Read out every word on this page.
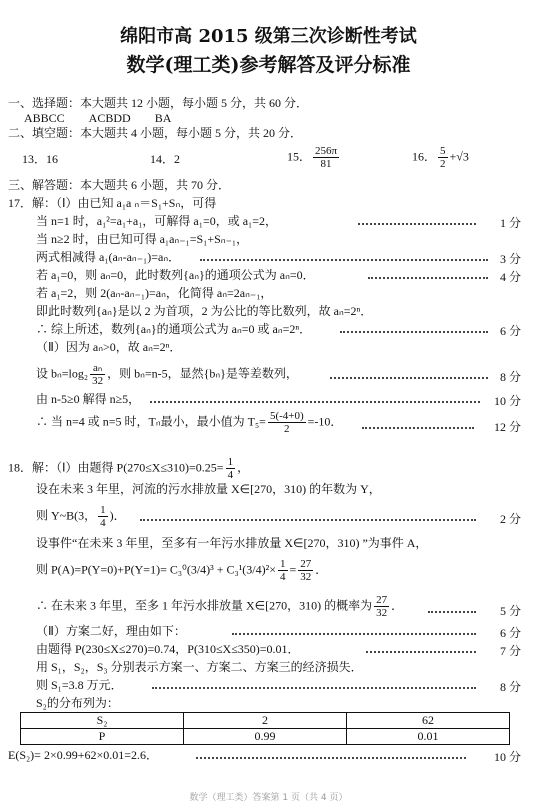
绵阳市高 2015 级第三次诊断性考试
数学(理工类)参考解答及评分标准
一、选择题：本大题共 12 小题，每小题 5 分，共 60 分．
ABBCC　　ACBDD　　BA
二、填空题：本大题共 4 小题，每小题 5 分，共 20 分．
13．16	14．2	15． $\frac{256\pi}{81}$	16． $\frac{5}{2} +√3$
三、解答题：本大题共 6 小题，共 70 分．
17．解：（Ⅰ）由已知 a₁a ₙ＝S₁+Sₙ，可得
当 n=1 时，a₁²=a₁+a₁，可解得 a₁=0，或 a₁=2，	1 分
当 n≥2 时，由已知可得 a₁aₙ₋₁=S₁+Sₙ₋₁，
两式相减得 a₁(aₙ-aₙ₋₁)=aₙ．	3 分
若 a₁=0，则 aₙ=0，此时数列{aₙ}的通项公式为 aₙ=0．	4 分
若 a₁=2，则 2(aₙ-aₙ₋₁)=aₙ，化简得 aₙ=2aₙ₋₁，
即此时数列{aₙ}是以 2 为首项，2 为公比的等比数列，故 aₙ=2ⁿ．
∴ 综上所述，数列{aₙ}的通项公式为 aₙ=0 或 aₙ=2ⁿ．	6 分
（Ⅱ）因为 aₙ>0，故 aₙ=2ⁿ．
设 $b_n=\log_2 \frac{\text{aₙ}}{32}$ ，则 bₙ=n-5，显然{bₙ}是等差数列，	8 分
由 n-5≥0 解得 n≥5，	10 分
∴ 当 n=4 或 n=5 时，Tₙ最小，最小值为 $T_5= \frac{5(-4+0)}{2} =-10$．	12 分
18．解：（Ⅰ）由题得 $P(270\le X\le 310)=0.25= \frac{1}{4}$ ，
设在未来 3 年里，河流的污水排放量 X∈[270，310) 的年数为 Y，
则 Y~B(3， $\frac{1}{4}$ )．	2 分
设事件“在未来 3 年里，至多有一年污水排放量 X∈[270，310) ”为事件 A，
则 $P(A)=P(Y=0)+P(Y=1)= C_3^0(3/4)^3 + C_3^1(3/4)^2\times \frac{1}{4} = \frac{27}{32}$ ．
∴ 在未来 3 年里，至多 1 年污水排放量 X∈[270，310) 的概率为 $\frac{27}{32}$ ．	5 分
（Ⅱ）方案二好，理由如下：	6 分
由题得 P(230≤X≤270)=0.74，P(310≤X≤350)=0.01．	7 分
用 S₁，S₂，S₃ 分别表示方案一、方案二、方案三的经济损失．
则 S₁=3.8 万元．	8 分
S₂的分布列为：
S₂	2	62
P	0.99	0.01
E(S₂)= 2×0.99+62×0.01=2.6．	10 分
数学（理工类）答案第 1 页（共 4 页）
